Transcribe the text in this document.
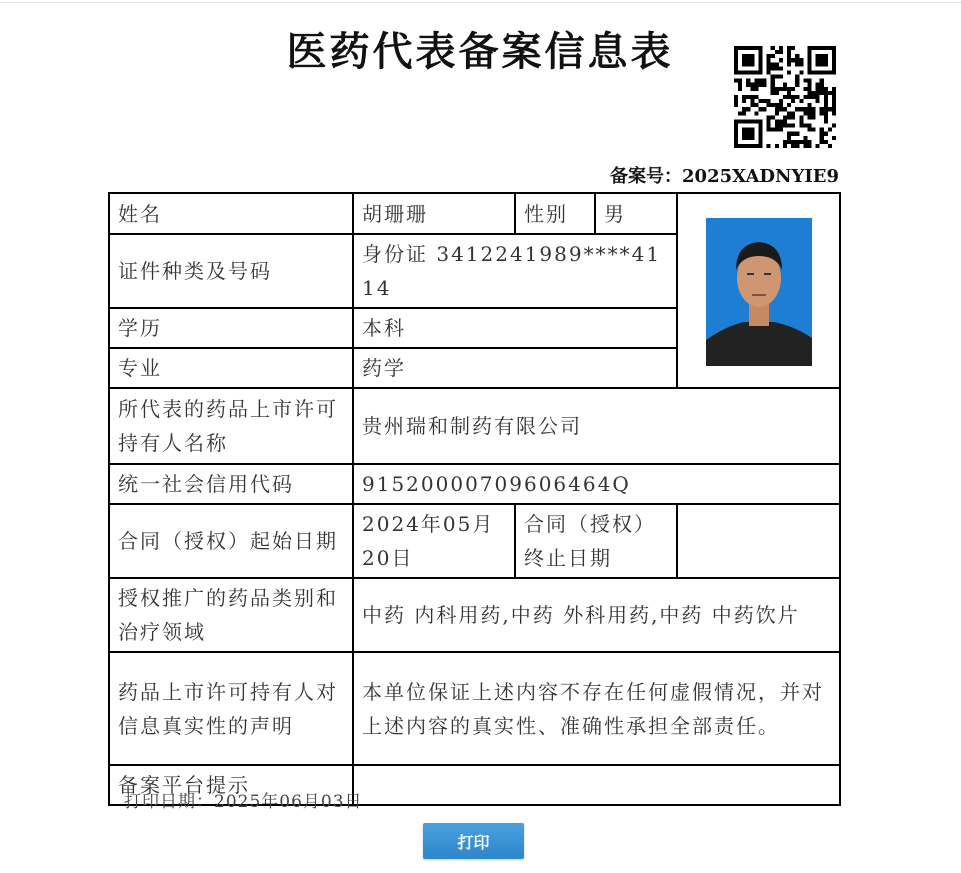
医药代表备案信息表
备案号：2025XADNYIE9
姓名	胡珊珊	性别	男	

证件种类及号码	身份证 3412241989****4114			
学历	本科			
专业	药学			
所代表的药品上市许可持有人名称	贵州瑞和制药有限公司			
统一社会信用代码	91520000709606464Q			
合同（授权）起始日期	2024年05月20日	合同（授权）终止日期		
授权推广的药品类别和治疗领域	中药 内科用药,中药 外科用药,中药 中药饮片			
药品上市许可持有人对信息真实性的声明	本单位保证上述内容不存在任何虚假情况，并对上述内容的真实性、准确性承担全部责任。			
备案平台提示				
打印日期：2025年06月03日
打印
